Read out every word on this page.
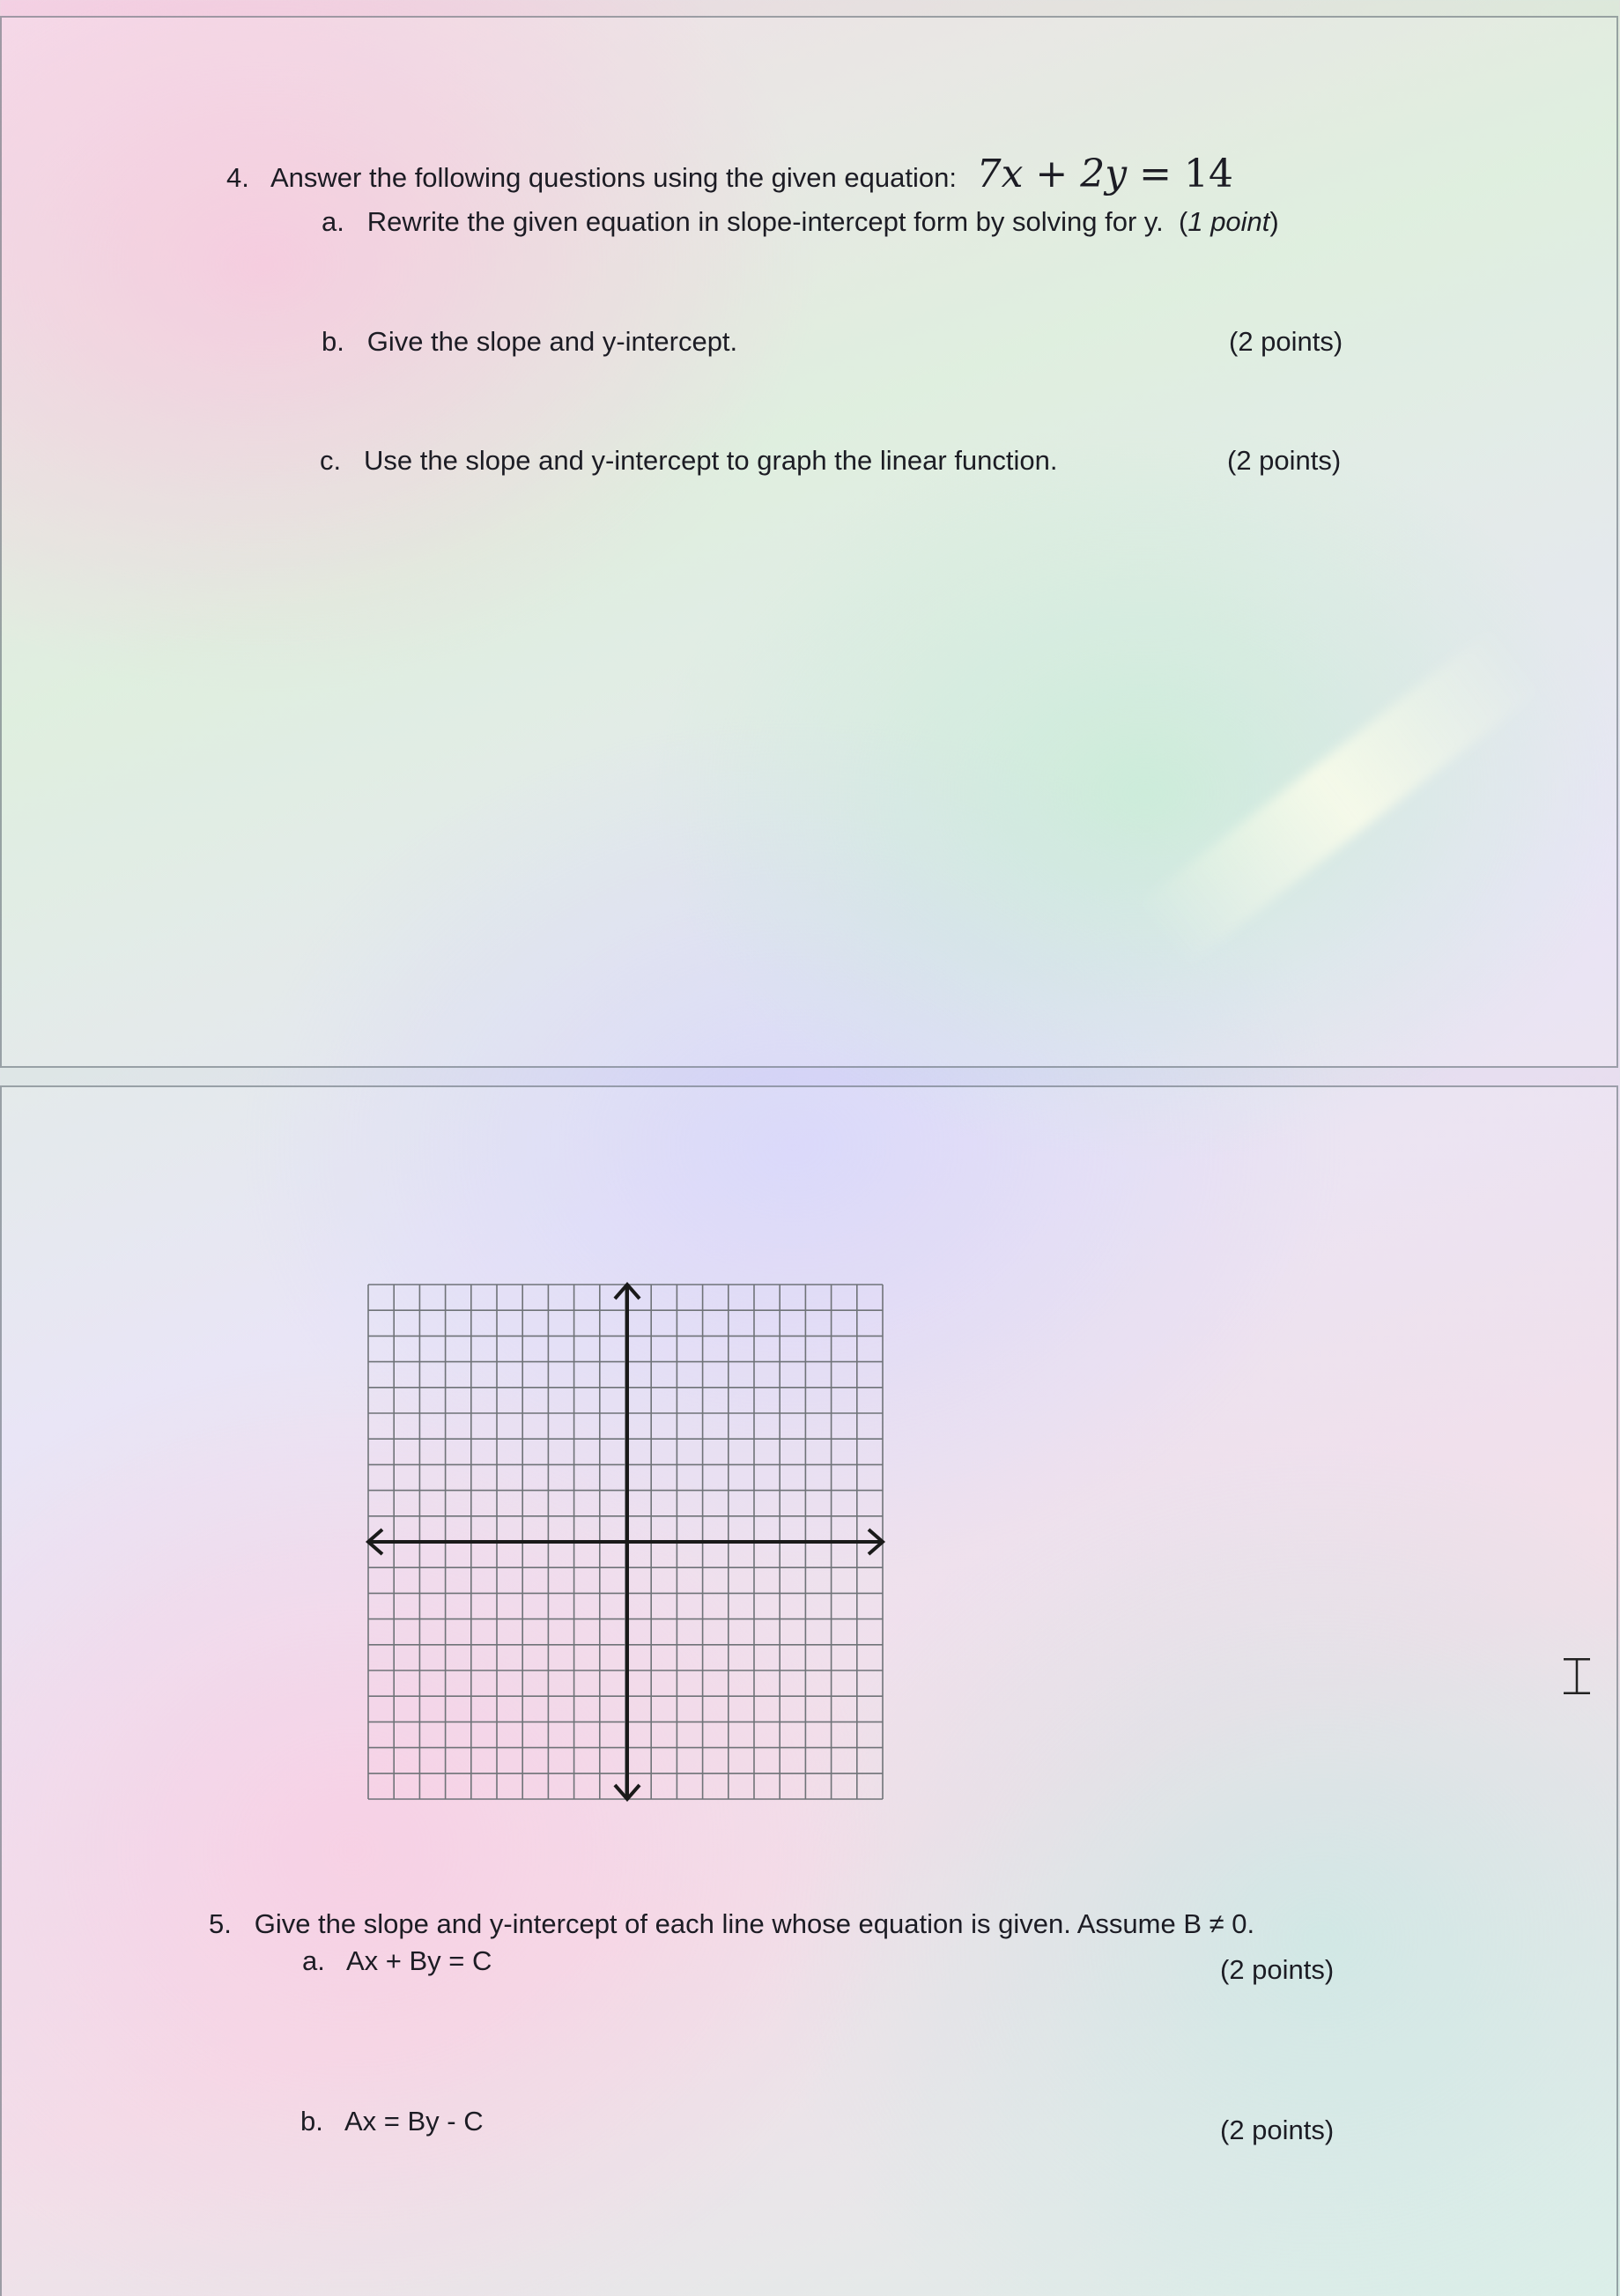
4. Answer the following questions using the given equation: 7x + 2y = 14
a. Rewrite the given equation in slope-intercept form by solving for y. (1 point)
b. Give the slope and y-intercept.	(2 points)
c. Use the slope and y-intercept to graph the linear function.	(2 points)
5. Give the slope and y-intercept of each line whose equation is given. Assume B ≠ 0.
a. Ax + By = C	(2 points)
b. Ax = By - C	(2 points)
⌶
